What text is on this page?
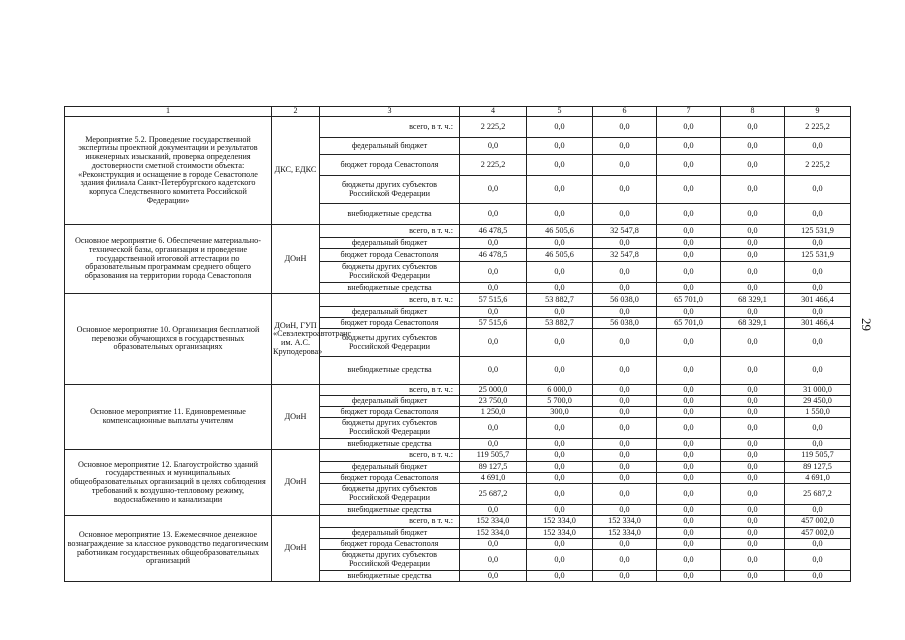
1	2	3	4	5	6	7	8	9
Мероприятие 5.2. Проведение государственной экспертизы проектной документации и результатов инженерных изысканий, проверка определения достоверности сметной стоимости объекта: «Реконструкция и оснащение в городе Севастополе здания филиала Санкт-Петербургского кадетского корпуса Следственного комитета Российской Федерации»	ДКС, ЕДКС	всего, в т. ч.:	2 225,2	0,0	0,0	0,0	0,0	2 225,2
		федеральный бюджет	0,0	0,0	0,0	0,0	0,0	0,0
		бюджет города Севастополя	2 225,2	0,0	0,0	0,0	0,0	2 225,2
		бюджеты других субъектов Российской Федерации	0,0	0,0	0,0	0,0	0,0	0,0
		внебюджетные средства	0,0	0,0	0,0	0,0	0,0	0,0
Основное мероприятие 6. Обеспечение материально-технической базы, организация и проведение государственной итоговой аттестации по образовательным программам среднего общего образования на территории города Севастополя	ДОиН	всего, в т. ч.:	46 478,5	46 505,6	32 547,8	0,0	0,0	125 531,9
		федеральный бюджет	0,0	0,0	0,0	0,0	0,0	0,0
		бюджет города Севастополя	46 478,5	46 505,6	32 547,8	0,0	0,0	125 531,9
		бюджеты других субъектов Российской Федерации	0,0	0,0	0,0	0,0	0,0	0,0
		внебюджетные средства	0,0	0,0	0,0	0,0	0,0	0,0
Основное мероприятие 10. Организация бесплатной перевозки обучающихся в государственных образовательных организациях	ДОиН, ГУП «Севэлектроавтотранс им. А.С. Круподерова»	всего, в т. ч.:	57 515,6	53 882,7	56 038,0	65 701,0	68 329,1	301 466,4
		федеральный бюджет	0,0	0,0	0,0	0,0	0,0	0,0
		бюджет города Севастополя	57 515,6	53 882,7	56 038,0	65 701,0	68 329,1	301 466,4
		бюджеты других субъектов Российской Федерации	0,0	0,0	0,0	0,0	0,0	0,0
		внебюджетные средства	0,0	0,0	0,0	0,0	0,0	0,0
Основное мероприятие 11. Единовременные компенсационные выплаты учителям	ДОиН	всего, в т. ч.:	25 000,0	6 000,0	0,0	0,0	0,0	31 000,0
		федеральный бюджет	23 750,0	5 700,0	0,0	0,0	0,0	29 450,0
		бюджет города Севастополя	1 250,0	300,0	0,0	0,0	0,0	1 550,0
		бюджеты других субъектов Российской Федерации	0,0	0,0	0,0	0,0	0,0	0,0
		внебюджетные средства	0,0	0,0	0,0	0,0	0,0	0,0
Основное мероприятие 12. Благоустройство зданий государственных и муниципальных общеобразовательных организаций в целях соблюдения требований к воздушно-тепловому режиму, водоснабжению и канализации	ДОиН	всего, в т. ч.:	119 505,7	0,0	0,0	0,0	0,0	119 505,7
		федеральный бюджет	89 127,5	0,0	0,0	0,0	0,0	89 127,5
		бюджет города Севастополя	4 691,0	0,0	0,0	0,0	0,0	4 691,0
		бюджеты других субъектов Российской Федерации	25 687,2	0,0	0,0	0,0	0,0	25 687,2
		внебюджетные средства	0,0	0,0	0,0	0,0	0,0	0,0
Основное мероприятие 13. Ежемесячное денежное вознаграждение за классное руководство педагогическим работникам государственных общеобразовательных организаций	ДОиН	всего, в т. ч.:	152 334,0	152 334,0	152 334,0	0,0	0,0	457 002,0
		федеральный бюджет	152 334,0	152 334,0	152 334,0	0,0	0,0	457 002,0
		бюджет города Севастополя	0,0	0,0	0,0	0,0	0,0	0,0
		бюджеты других субъектов Российской Федерации	0,0	0,0	0,0	0,0	0,0	0,0
		внебюджетные средства	0,0	0,0	0,0	0,0	0,0	0,0
29
